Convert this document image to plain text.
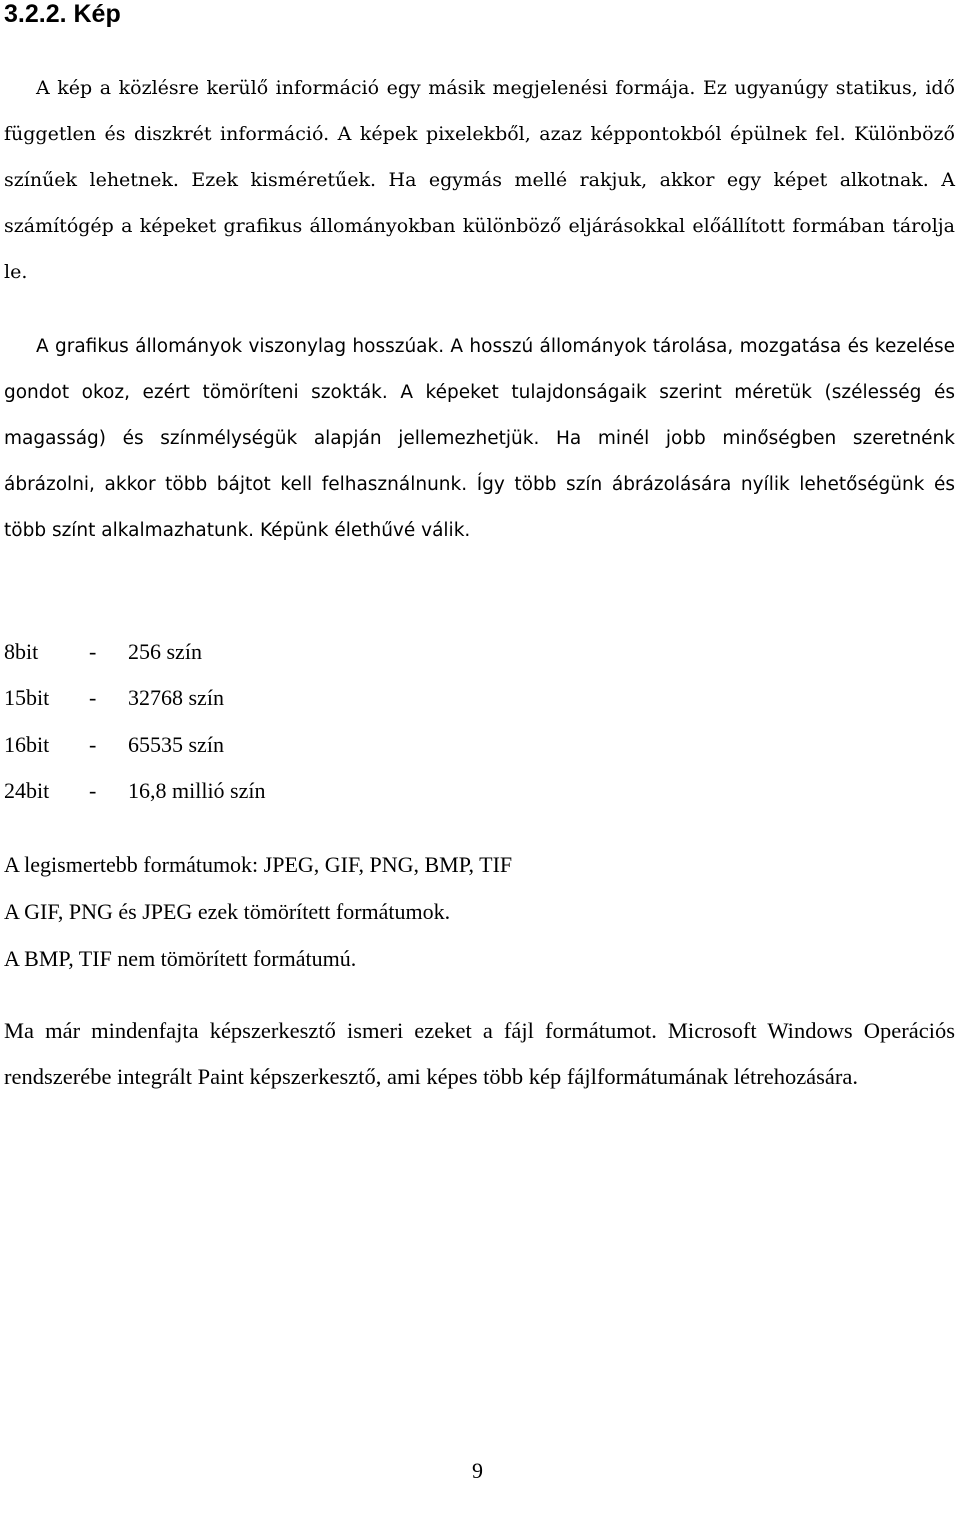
3.2.2. Kép

A kép a közlésre kerülő információ egy másik megjelenési formája. Ez ugyanúgy statikus, idő független és diszkrét információ. A képek pixelekből, azaz képpontokból épülnek fel. Különböző színűek lehetnek. Ezek kisméretűek. Ha egymás mellé rakjuk, akkor egy képet alkotnak. A számítógép a képeket grafikus állományokban különböző eljárásokkal előállított formában tárolja le.

A grafikus állományok viszonylag hosszúak. A hosszú állományok tárolása, mozgatása és kezelése gondot okoz, ezért tömöríteni szokták. A képeket tulajdonságaik szerint méretük (szélesség és magasság) és színmélységük alapján jellemezhetjük. Ha minél jobb minőségben szeretnénk ábrázolni, akkor több bájtot kell felhasználnunk. Így több szín ábrázolására nyílik lehetőségünk és több színt alkalmazhatunk. Képünk élethűvé válik.

8bit - 256 szín
15bit - 32768 szín
16bit - 65535 szín
24bit - 16,8 millió szín
A legismertebb formátumok: JPEG, GIF, PNG, BMP, TIF
A GIF, PNG és JPEG ezek tömörített formátumok.
A BMP, TIF nem tömörített formátumú.

Ma már mindenfajta képszerkesztő ismeri ezeket a fájl formátumot. Microsoft Windows Operációs rendszerébe integrált Paint képszerkesztő, ami képes több kép fájlformátumának létrehozására.

9
